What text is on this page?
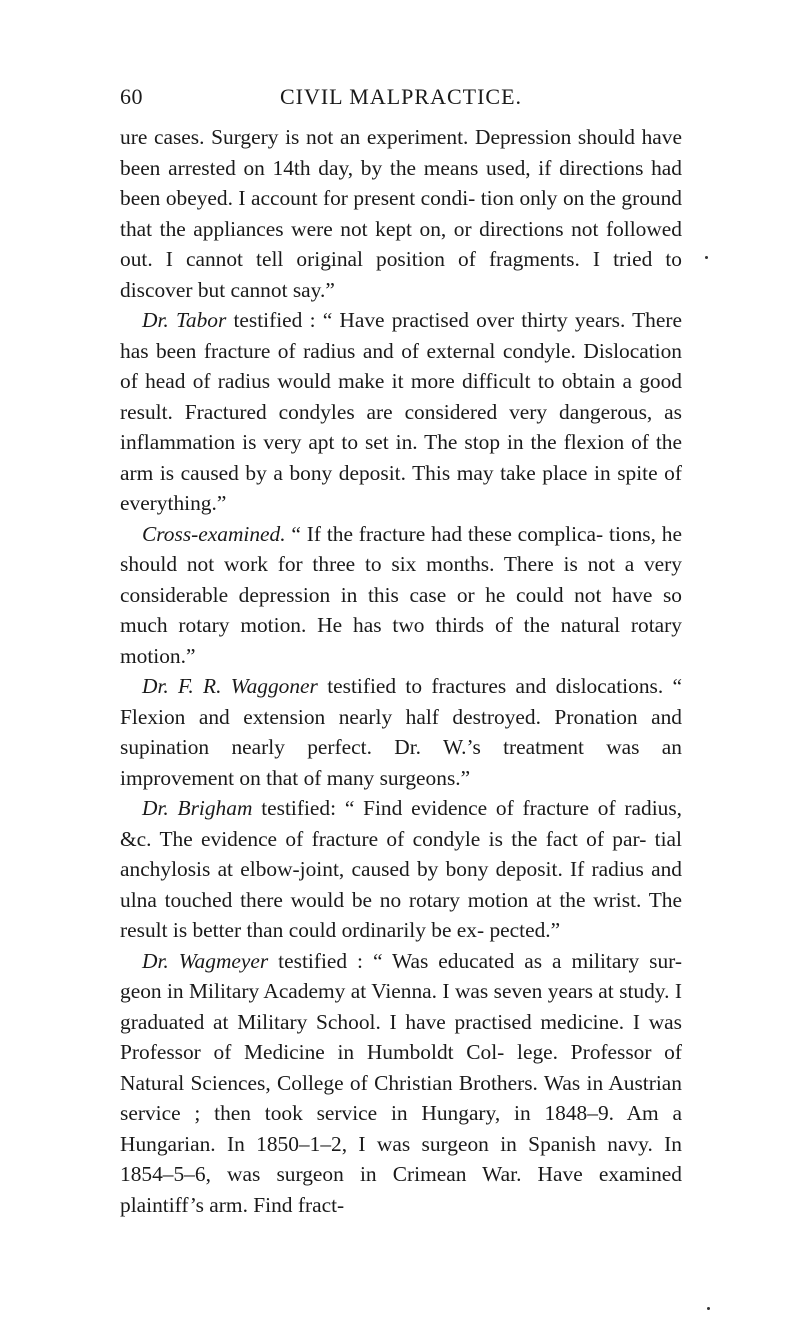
60	CIVIL MALPRACTICE.

ure cases. Surgery is not an experiment. Depression should have been arrested on 14th day, by the means used, if directions had been obeyed. I account for present condi- tion only on the ground that the appliances were not kept on, or directions not followed out. I cannot tell original position of fragments. I tried to discover but cannot say.”

Dr. Tabor testified : “ Have practised over thirty years. There has been fracture of radius and of external condyle. Dislocation of head of radius would make it more difficult to obtain a good result. Fractured condyles are considered very dangerous, as inflammation is very apt to set in. The stop in the flexion of the arm is caused by a bony deposit. This may take place in spite of everything.”

Cross-examined. “ If the fracture had these complica- tions, he should not work for three to six months. There is not a very considerable depression in this case or he could not have so much rotary motion. He has two thirds of the natural rotary motion.”

Dr. F. R. Waggoner testified to fractures and dislocations. “ Flexion and extension nearly half destroyed. Pronation and supination nearly perfect. Dr. W.’s treatment was an improvement on that of many surgeons.”

Dr. Brigham testified: “ Find evidence of fracture of radius, &c. The evidence of fracture of condyle is the fact of par- tial anchylosis at elbow-joint, caused by bony deposit. If radius and ulna touched there would be no rotary motion at the wrist. The result is better than could ordinarily be ex- pected.”

Dr. Wagmeyer testified : “ Was educated as a military sur- geon in Military Academy at Vienna. I was seven years at study. I graduated at Military School. I have practised medicine. I was Professor of Medicine in Humboldt Col- lege. Professor of Natural Sciences, College of Christian Brothers. Was in Austrian service ; then took service in Hungary, in 1848–9. Am a Hungarian. In 1850–1–2, I was surgeon in Spanish navy. In 1854–5–6, was surgeon in Crimean War. Have examined plaintiff’s arm. Find fract-
